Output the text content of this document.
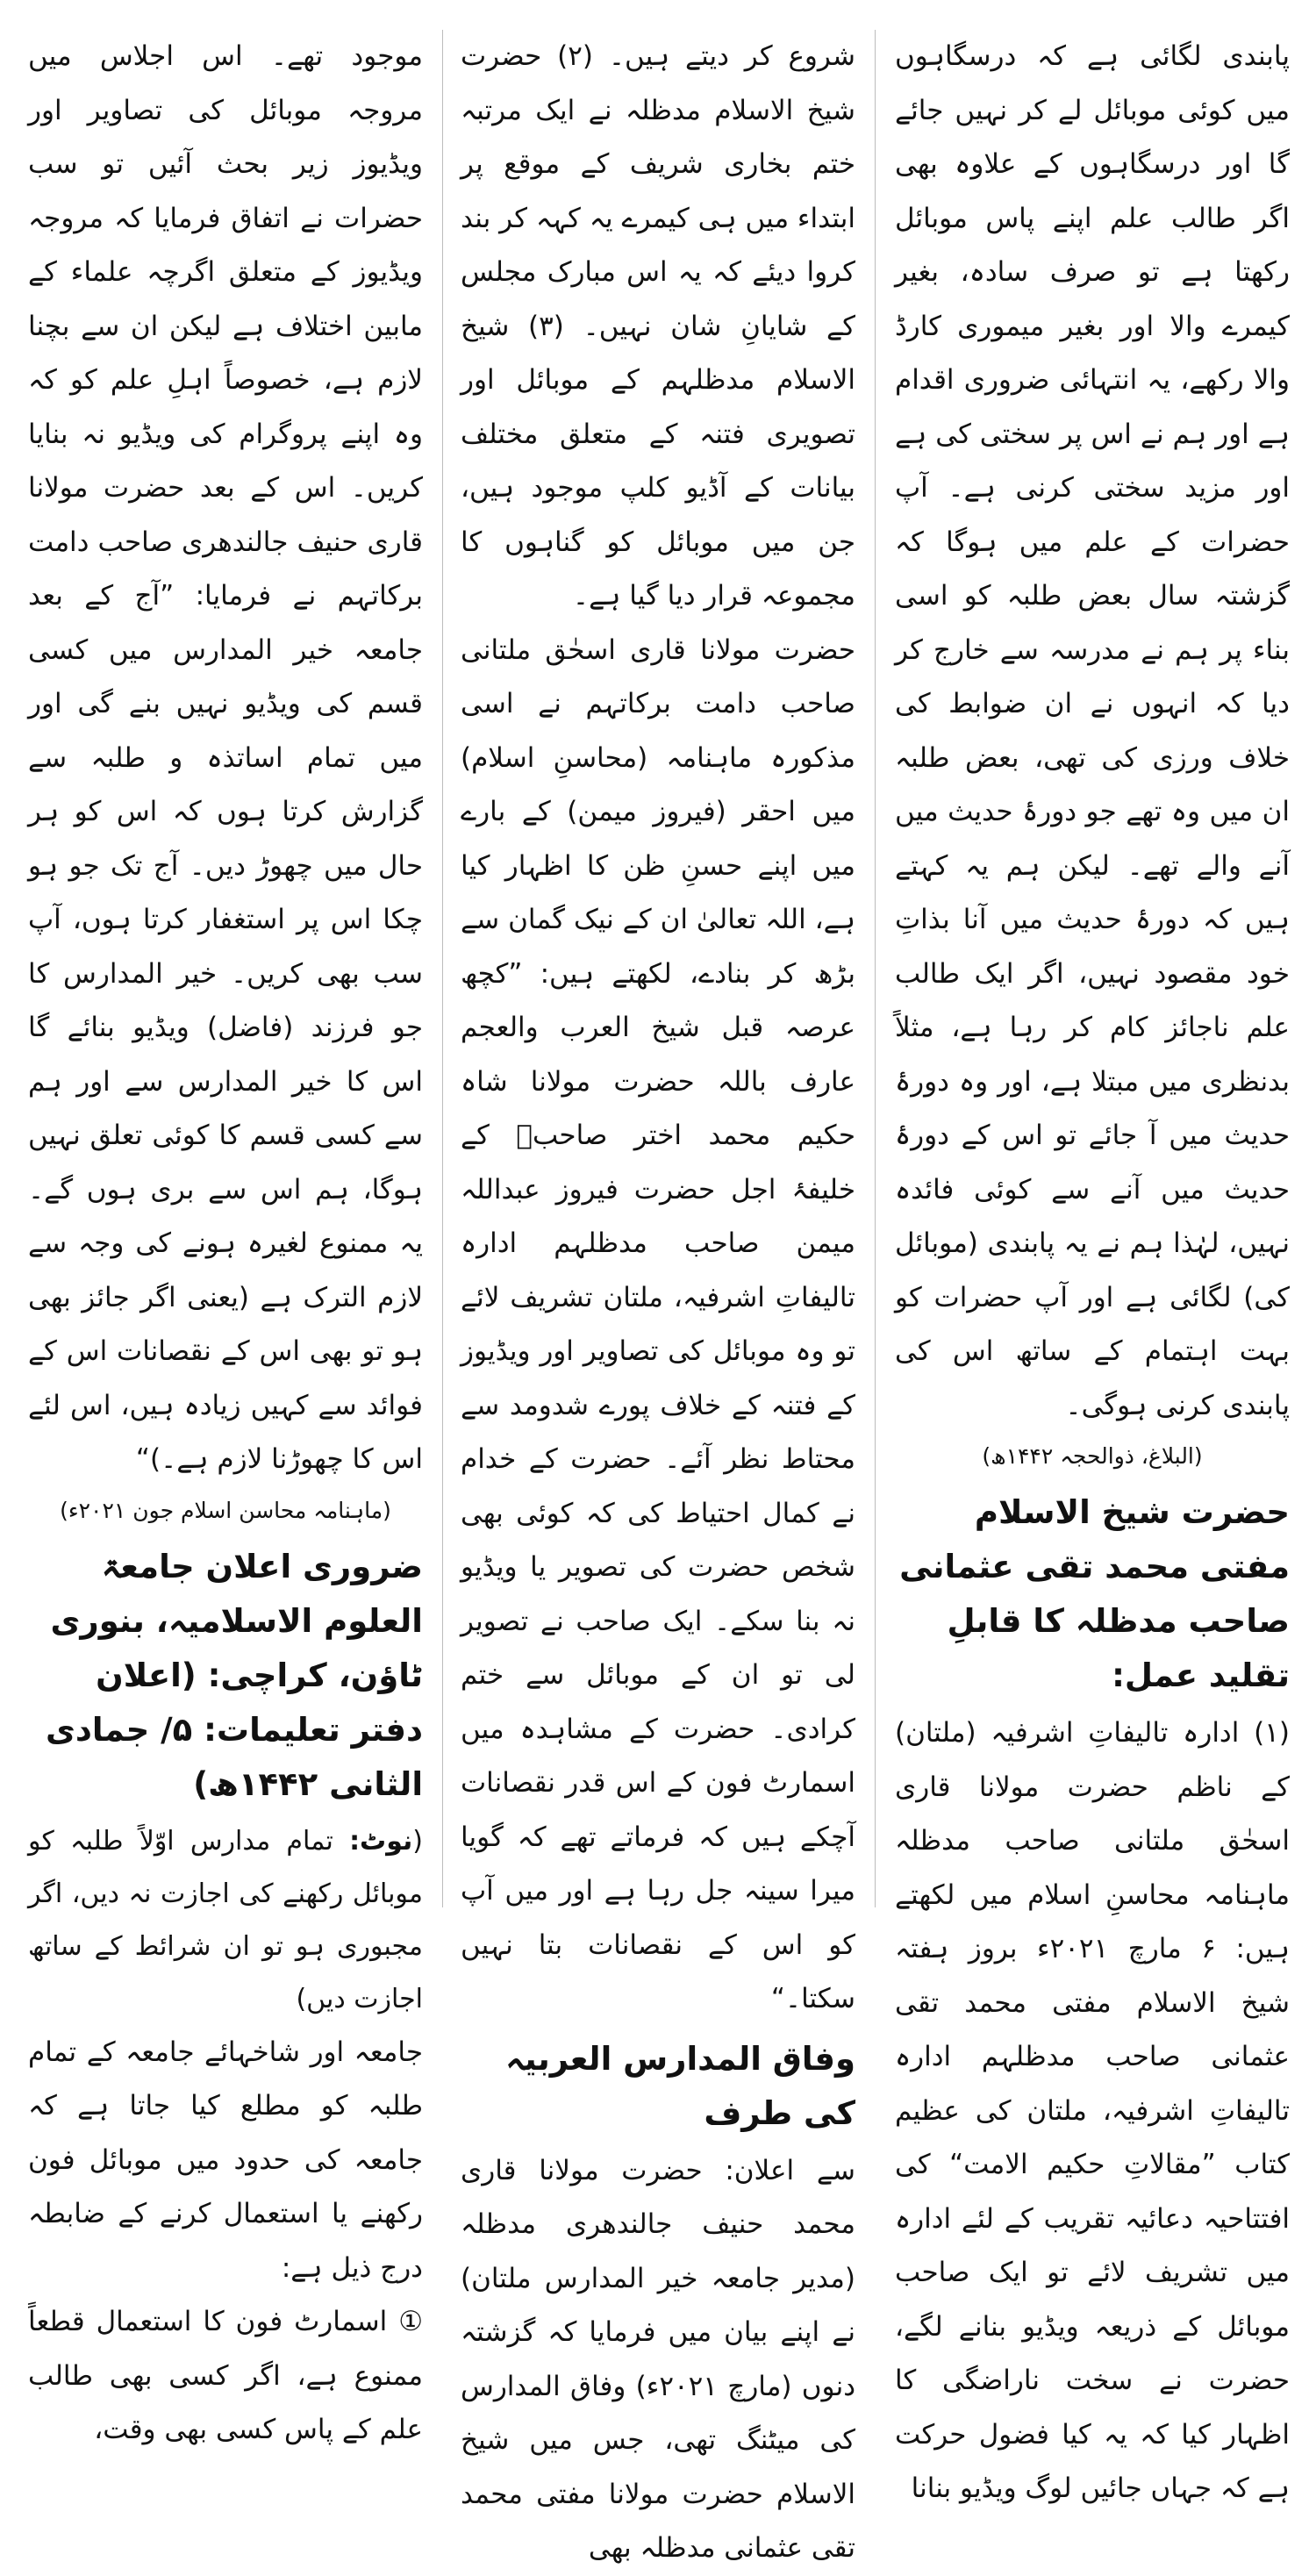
پابندی لگائی ہے کہ درسگاہوں میں کوئی موبائل لے کر نہیں جائے گا اور درسگاہوں کے علاوہ بھی اگر طالب علم اپنے پاس موبائل رکھتا ہے تو صرف سادہ، بغیر کیمرے والا اور بغیر میموری کارڈ والا رکھے، یہ انتہائی ضروری اقدام ہے اور ہم نے اس پر سختی کی ہے اور مزید سختی کرنی ہے۔ آپ حضرات کے علم میں ہوگا کہ گزشتہ سال بعض طلبہ کو اسی بناء پر ہم نے مدرسہ سے خارج کر دیا کہ انہوں نے ان ضوابط کی خلاف ورزی کی تھی، بعض طلبہ ان میں وہ تھے جو دورۂ حدیث میں آنے والے تھے۔ لیکن ہم یہ کہتے ہیں کہ دورۂ حدیث میں آنا بذاتِ خود مقصود نہیں، اگر ایک طالب علم ناجائز کام کر رہا ہے، مثلاً بدنظری میں مبتلا ہے، اور وہ دورۂ حدیث میں آ جائے تو اس کے دورۂ حدیث میں آنے سے کوئی فائدہ نہیں، لہٰذا ہم نے یہ پابندی (موبائل کی) لگائی ہے اور آپ حضرات کو بہت اہتمام کے ساتھ اس کی پابندی کرنی ہوگی۔

(البلاغ، ذوالحجہ ۱۴۴۲ھ)

حضرت شیخ الاسلام مفتی محمد تقی عثمانی صاحب مدظلہ کا قابلِ تقلید عمل:

(۱) ادارہ تالیفاتِ اشرفیہ (ملتان) کے ناظم حضرت مولانا قاری اسحٰق ملتانی صاحب مدظلہ ماہنامہ محاسنِ اسلام میں لکھتے ہیں: ۶ مارچ ۲۰۲۱ء بروز ہفتہ شیخ الاسلام مفتی محمد تقی عثمانی صاحب مدظلہم ادارہ تالیفاتِ اشرفیہ، ملتان کی عظیم کتاب ”مقالاتِ حکیم الامت“ کی افتتاحیہ دعائیہ تقریب کے لئے ادارہ میں تشریف لائے تو ایک صاحب موبائل کے ذریعہ ویڈیو بنانے لگے، حضرت نے سخت ناراضگی کا اظہار کیا کہ یہ کیا فضول حرکت ہے کہ جہاں جائیں لوگ ویڈیو بنانا

شروع کر دیتے ہیں۔ (۲) حضرت شیخ الاسلام مدظلہ نے ایک مرتبہ ختم بخاری شریف کے موقع پر ابتداء میں ہی کیمرے یہ کہہ کر بند کروا دیئے کہ یہ اس مبارک مجلس کے شایانِ شان نہیں۔ (۳) شیخ الاسلام مدظلہم کے موبائل اور تصویری فتنہ کے متعلق مختلف بیانات کے آڈیو کلپ موجود ہیں، جن میں موبائل کو گناہوں کا مجموعہ قرار دیا گیا ہے۔

حضرت مولانا قاری اسحٰق ملتانی صاحب دامت برکاتہم نے اسی مذکورہ ماہنامہ (محاسنِ اسلام) میں احقر (فیروز میمن) کے بارے میں اپنے حسنِ ظن کا اظہار کیا ہے، اللہ تعالیٰ ان کے نیک گمان سے بڑھ کر بنادے، لکھتے ہیں: ”کچھ عرصہ قبل شیخ العرب والعجم عارف باللہ حضرت مولانا شاہ حکیم محمد اختر صاحبؒ کے خلیفۂ اجل حضرت فیروز عبداللہ میمن صاحب مدظلہم ادارہ تالیفاتِ اشرفیہ، ملتان تشریف لائے تو وہ موبائل کی تصاویر اور ویڈیوز کے فتنہ کے خلاف پورے شدومد سے محتاط نظر آئے۔ حضرت کے خدام نے کمال احتیاط کی کہ کوئی بھی شخص حضرت کی تصویر یا ویڈیو نہ بنا سکے۔ ایک صاحب نے تصویر لی تو ان کے موبائل سے ختم کرادی۔ حضرت کے مشاہدہ میں اسمارٹ فون کے اس قدر نقصانات آچکے ہیں کہ فرماتے تھے کہ گویا میرا سینہ جل رہا ہے اور میں آپ کو اس کے نقصانات بتا نہیں سکتا۔“

وفاق المدارس العربیہ کی طرف

سے اعلان: حضرت مولانا قاری محمد حنیف جالندھری مدظلہ (مدیر جامعہ خیر المدارس ملتان) نے اپنے بیان میں فرمایا کہ گزشتہ دنوں (مارچ ۲۰۲۱ء) وفاق المدارس کی میٹنگ تھی، جس میں شیخ الاسلام حضرت مولانا مفتی محمد تقی عثمانی مدظلہ بھی

موجود تھے۔ اس اجلاس میں مروجہ موبائل کی تصاویر اور ویڈیوز زیر بحث آئیں تو سب حضرات نے اتفاق فرمایا کہ مروجہ ویڈیوز کے متعلق اگرچہ علماء کے مابین اختلاف ہے لیکن ان سے بچنا لازم ہے، خصوصاً اہلِ علم کو کہ وہ اپنے پروگرام کی ویڈیو نہ بنایا کریں۔ اس کے بعد حضرت مولانا قاری حنیف جالندھری صاحب دامت برکاتہم نے فرمایا: ”آج کے بعد جامعہ خیر المدارس میں کسی قسم کی ویڈیو نہیں بنے گی اور میں تمام اساتذہ و طلبہ سے گزارش کرتا ہوں کہ اس کو ہر حال میں چھوڑ دیں۔ آج تک جو ہو چکا اس پر استغفار کرتا ہوں، آپ سب بھی کریں۔ خیر المدارس کا جو فرزند (فاضل) ویڈیو بنائے گا اس کا خیر المدارس سے اور ہم سے کسی قسم کا کوئی تعلق نہیں ہوگا، ہم اس سے بری ہوں گے۔ یہ ممنوع لغیرہ ہونے کی وجہ سے لازم الترک ہے (یعنی اگر جائز بھی ہو تو بھی اس کے نقصانات اس کے فوائد سے کہیں زیادہ ہیں، اس لئے اس کا چھوڑنا لازم ہے۔)“

(ماہنامہ محاسن اسلام جون ۲۰۲۱ء)

ضروری اعلان جامعۃ العلوم الاسلامیہ، بنوری ٹاؤن، کراچی: (اعلان دفتر تعلیمات: ۵/ جمادی الثانی ۱۴۴۲ھ)

(نوٹ: تمام مدارس اوّلاً طلبہ کو موبائل رکھنے کی اجازت نہ دیں، اگر مجبوری ہو تو ان شرائط کے ساتھ اجازت دیں)

جامعہ اور شاخہائے جامعہ کے تمام طلبہ کو مطلع کیا جاتا ہے کہ جامعہ کی حدود میں موبائل فون رکھنے یا استعمال کرنے کے ضابطہ درج ذیل ہے:

① اسمارٹ فون کا استعمال قطعاً ممنوع ہے، اگر کسی بھی طالب علم کے پاس کسی بھی وقت،
